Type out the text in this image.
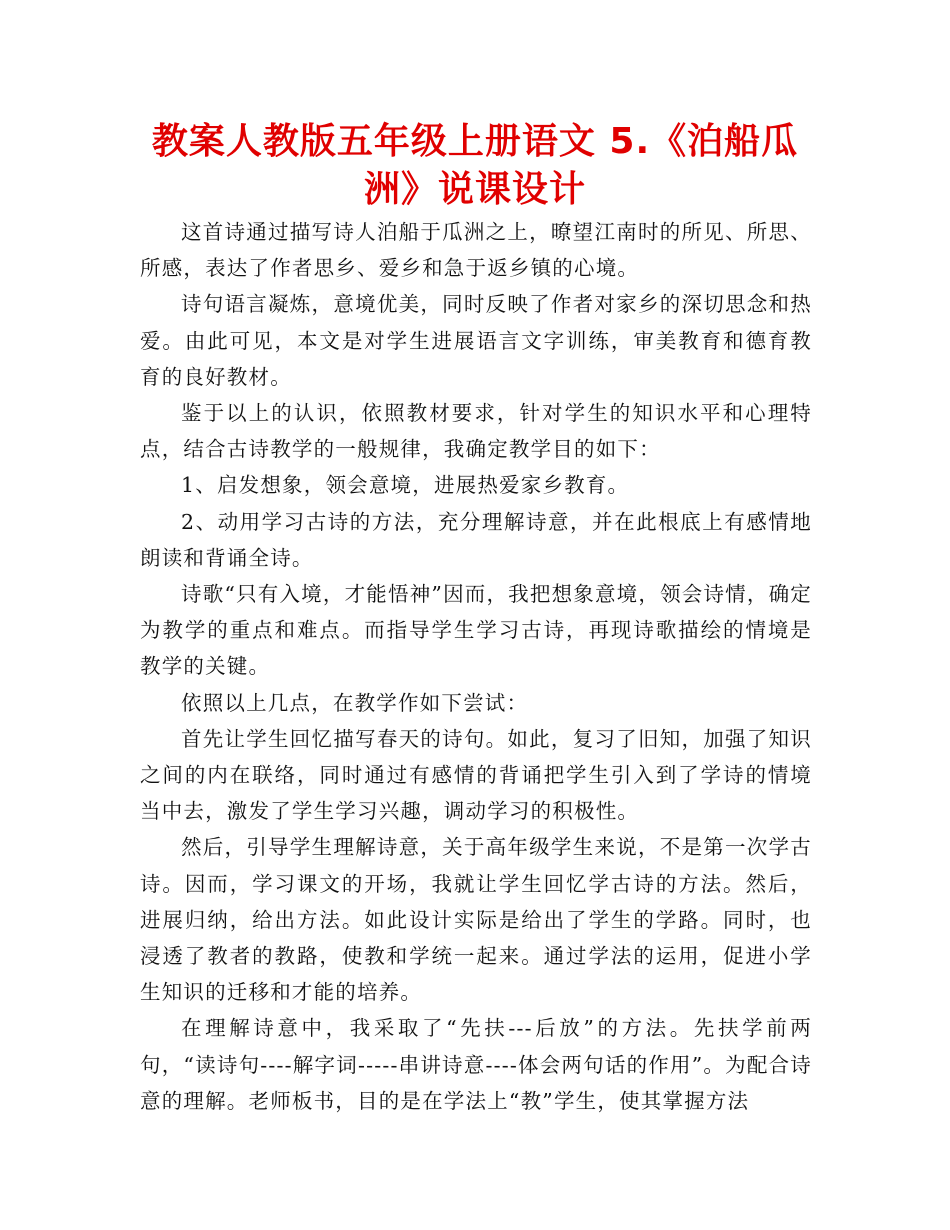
教案人教版五年级上册语文 5.《泊船瓜洲》说课设计

这首诗通过描写诗人泊船于瓜洲之上，暸望江南时的所见、所思、所感，表达了作者思乡、爱乡和急于返乡镇的心境。

诗句语言凝炼，意境优美，同时反映了作者对家乡的深切思念和热爱。由此可见，本文是对学生进展语言文字训练，审美教育和德育教育的良好教材。

鉴于以上的认识，依照教材要求，针对学生的知识水平和心理特点，结合古诗教学的一般规律，我确定教学目的如下：

1、启发想象，领会意境，进展热爱家乡教育。

2、动用学习古诗的方法，充分理解诗意，并在此根底上有感情地朗读和背诵全诗。

诗歌“只有入境，才能悟神”因而，我把想象意境，领会诗情，确定为教学的重点和难点。而指导学生学习古诗，再现诗歌描绘的情境是教学的关键。

依照以上几点，在教学作如下尝试：

首先让学生回忆描写春天的诗句。如此，复习了旧知，加强了知识之间的内在联络，同时通过有感情的背诵把学生引入到了学诗的情境当中去，激发了学生学习兴趣，调动学习的积极性。

然后，引导学生理解诗意，关于高年级学生来说，不是第一次学古诗。因而，学习课文的开场，我就让学生回忆学古诗的方法。然后，进展归纳，给出方法。如此设计实际是给出了学生的学路。同时，也浸透了教者的教路，使教和学统一起来。通过学法的运用，促进小学生知识的迁移和才能的培养。

在理解诗意中，我采取了“先扶---后放”的方法。先扶学前两句，“读诗句----解字词-----串讲诗意----体会两句话的作用”。为配合诗意的理解。老师板书，目的是在学法上“教”学生，使其掌握方法
